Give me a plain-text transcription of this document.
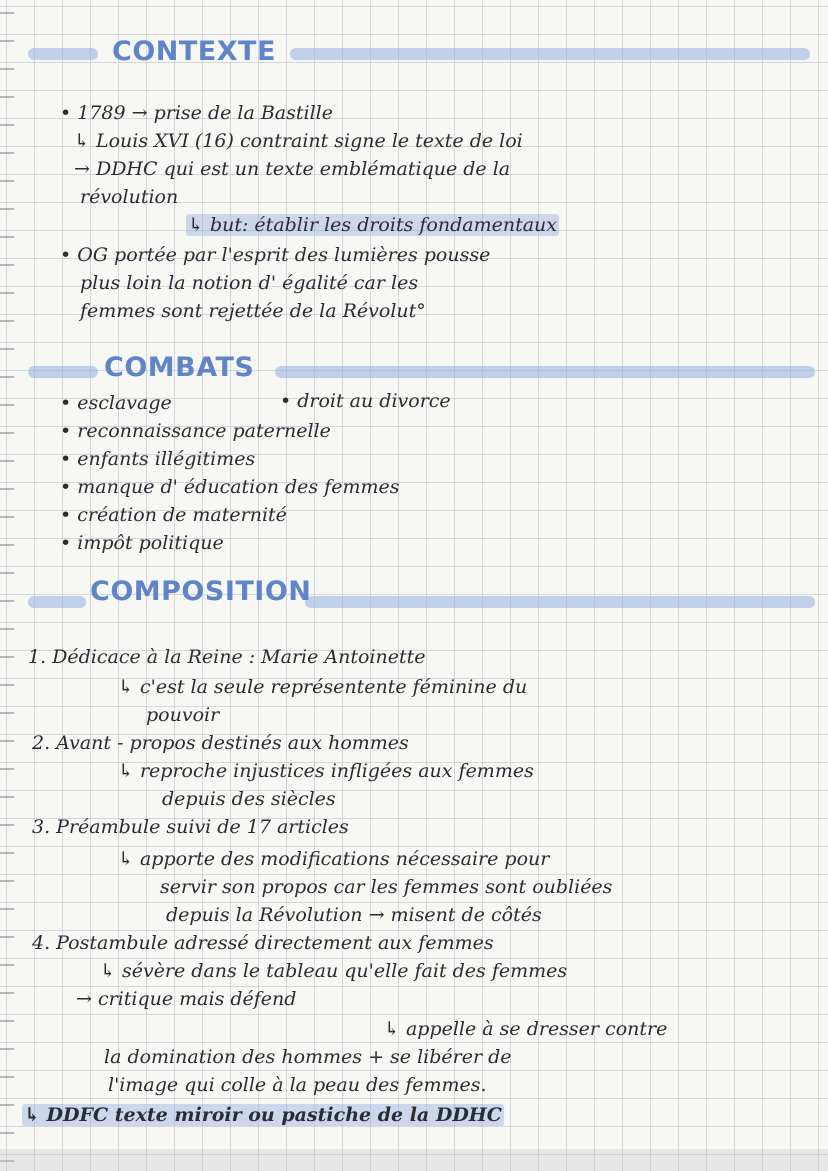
CONTEXTE

• 1789 → prise de la Bastille

↳ Louis XVI (16) contraint signe le texte de loi

→ DDHC qui est un texte emblématique de la

révolution

↳ but: établir les droits fondamentaux

• OG portée par l'esprit des lumières pousse

plus loin la notion d' égalité car les

femmes sont rejettée de la Révolut°

COMBATS

• esclavage	• droit au divorce

• reconnaissance paternelle

• enfants illégitimes

• manque d' éducation des femmes

• création de maternité

• impôt politique

COMPOSITION

1. Dédicace à la Reine : Marie Antoinette

↳ c'est la seule représentente féminine du

pouvoir

2. Avant - propos destinés aux hommes

↳ reproche injustices infligées aux femmes

depuis des siècles

3. Préambule suivi de 17 articles

↳ apporte des modifications nécessaire pour

servir son propos car les femmes sont oubliées

depuis la Révolution → misent de côtés

4. Postambule adressé directement aux femmes

↳ sévère dans le tableau qu'elle fait des femmes

→ critique mais défend

↳ appelle à se dresser contre

la domination des hommes + se libérer de

l'image qui colle à la peau des femmes.

↳ DDFC texte miroir ou pastiche de la DDHC
